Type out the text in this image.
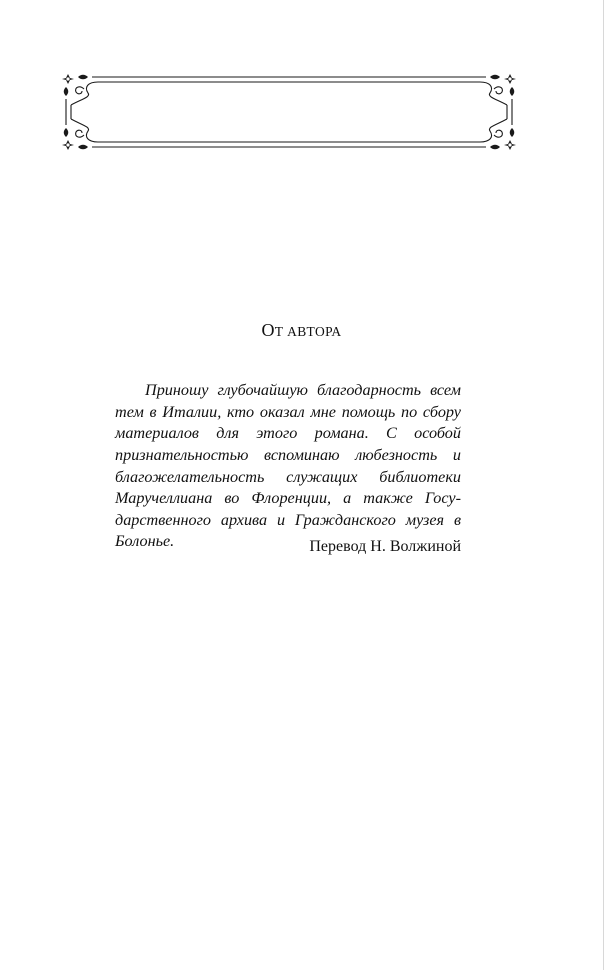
ОТ АВТОРА

Приношу глубочайшую благодарность всем тем в Италии, кто оказал мне помощь по сбору материалов для этого романа. С особой признательностью вспоминаю любезность и благожелательность служащих библиотеки Маручеллиана во Флоренции, а также Государственного архива и Гражданского музея в Болонье.	Перевод Н. Волжиной
